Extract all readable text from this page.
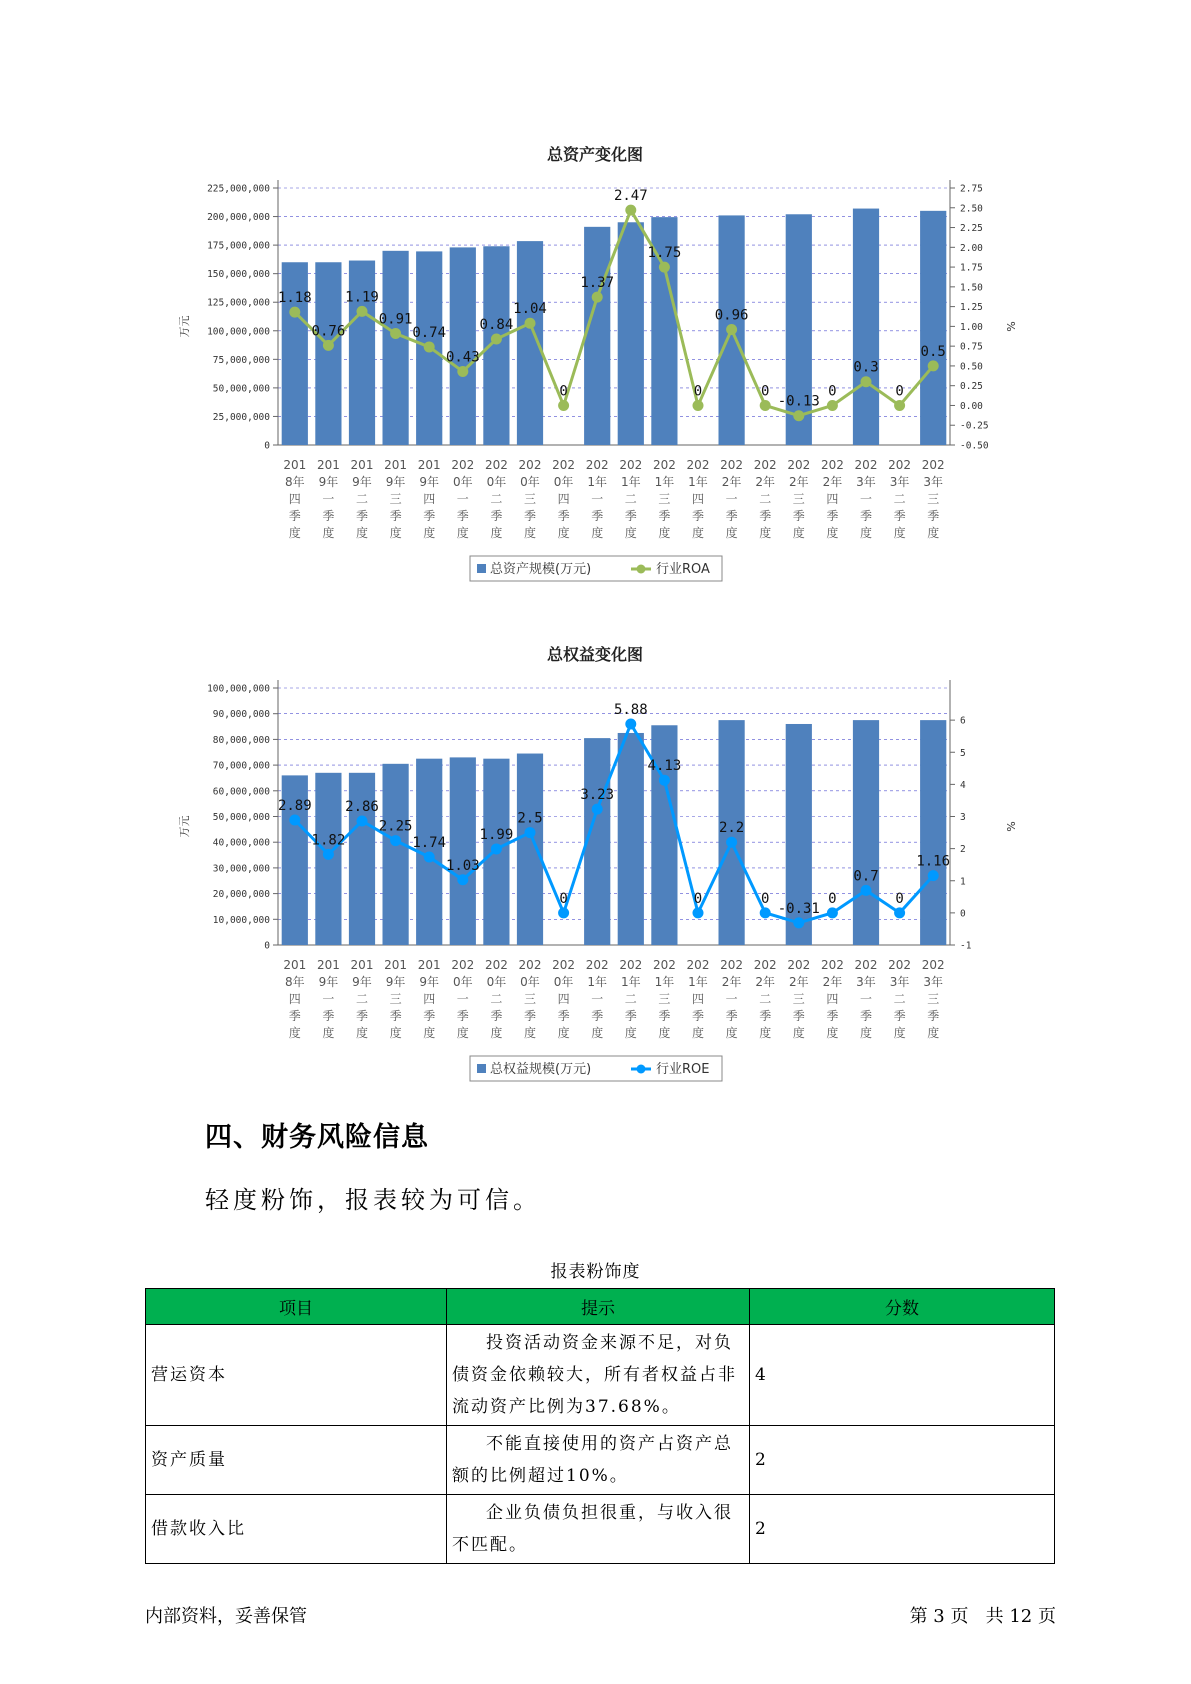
总资产变化图
0
25,000,000
50,000,000
75,000,000
100,000,000
125,000,000
150,000,000
175,000,000
200,000,000
225,000,000
-0.50
-0.25
0.00
0.25
0.50
0.75
1.00
1.25
1.50
1.75
2.00
2.25
2.50
2.75
万元	%
201
8年
四
季
度
201
9年
一
季
度
201
9年
二
季
度
201
9年
三
季
度
201
9年
四
季
度
202
0年
一
季
度
202
0年
二
季
度
202
0年
三
季
度
202
0年
四
季
度
202
1年
一
季
度
202
1年
二
季
度
202
1年
三
季
度
202
1年
四
季
度
202
2年
一
季
度
202
2年
二
季
度
202
2年
三
季
度
202
2年
四
季
度
202
3年
一
季
度
202
3年
二
季
度
202
3年
三
季
度
1.18
0.76
1.19
0.91
0.74
0.43
0.84
1.04
0
1.37
2.47
1.75
0
0.96
0
-0.13
0
0.3
0
0.5
总资产规模(万元)	行业ROA
总权益变化图
0
10,000,000
20,000,000
30,000,000
40,000,000
50,000,000
60,000,000
70,000,000
80,000,000
90,000,000
100,000,000
-1
0
1
2
3
4
5
6
万元	%
201
8年
四
季
度
201
9年
一
季
度
201
9年
二
季
度
201
9年
三
季
度
201
9年
四
季
度
202
0年
一
季
度
202
0年
二
季
度
202
0年
三
季
度
202
0年
四
季
度
202
1年
一
季
度
202
1年
二
季
度
202
1年
三
季
度
202
1年
四
季
度
202
2年
一
季
度
202
2年
二
季
度
202
2年
三
季
度
202
2年
四
季
度
202
3年
一
季
度
202
3年
二
季
度
202
3年
三
季
度
2.89
1.82
2.86
2.25
1.74
1.03
1.99
2.5
0
3.23
5.88
4.13
0
2.2
0
-0.31
0
0.7
0
1.16
总权益规模(万元)	行业ROE
四、财务风险信息

轻度粉饰，报表较为可信。

报表粉饰度
项目	提示	分数
营运资本	投资活动资金来源不足，对负债资金依赖较大，所有者权益占非流动资产比例为37.68%。	4
资产质量	不能直接使用的资产占资产总额的比例超过10%。	2
借款收入比	企业负债负担很重，与收入很不匹配。	2
内部资料，妥善保管	第 3 页   共 12 页
